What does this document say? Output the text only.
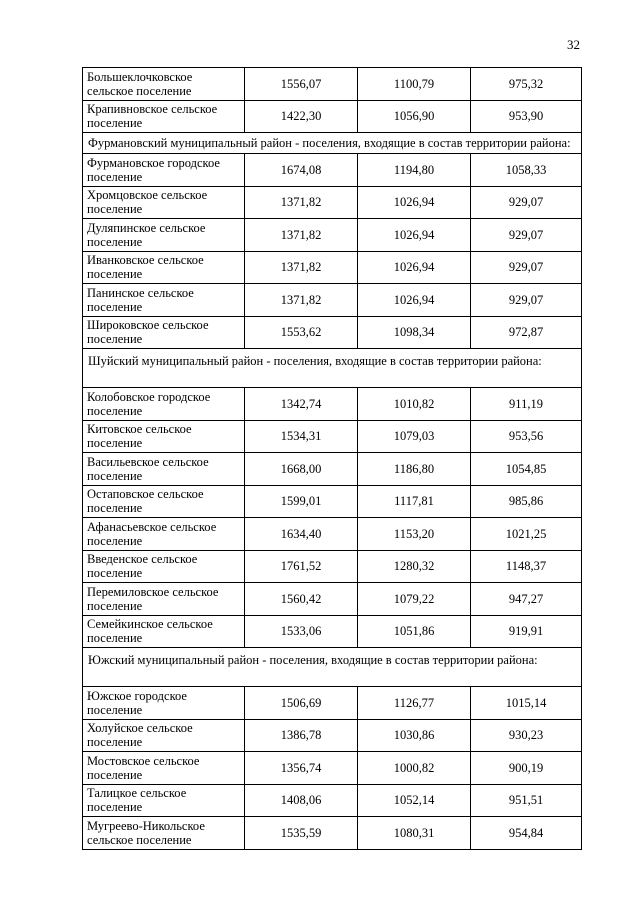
32
Большеклочковское сельское поселение	1556,07	1100,79	975,32
Крапивновское сельское поселение	1422,30	1056,90	953,90
Фурмановский муниципальный район - поселения, входящие в состав территории района:			
Фурмановское городское поселение	1674,08	1194,80	1058,33
Хромцовское сельское поселение	1371,82	1026,94	929,07
Дуляпинское сельское поселение	1371,82	1026,94	929,07
Иванковское сельское поселение	1371,82	1026,94	929,07
Панинское сельское поселение	1371,82	1026,94	929,07
Широковское сельское поселение	1553,62	1098,34	972,87
Шуйский муниципальный район - поселения, входящие в состав территории района:			
Колобовское городское поселение	1342,74	1010,82	911,19
Китовское сельское поселение	1534,31	1079,03	953,56
Васильевское сельское поселение	1668,00	1186,80	1054,85
Остаповское сельское поселение	1599,01	1117,81	985,86
Афанасьевское сельское поселение	1634,40	1153,20	1021,25
Введенское сельское поселение	1761,52	1280,32	1148,37
Перемиловское сельское поселение	1560,42	1079,22	947,27
Семейкинское сельское поселение	1533,06	1051,86	919,91
Южский муниципальный район - поселения, входящие в состав территории района:			
Южское городское поселение	1506,69	1126,77	1015,14
Холуйское сельское поселение	1386,78	1030,86	930,23
Мостовское сельское поселение	1356,74	1000,82	900,19
Талицкое сельское поселение	1408,06	1052,14	951,51
Мугреево-Никольское сельское поселение	1535,59	1080,31	954,84
